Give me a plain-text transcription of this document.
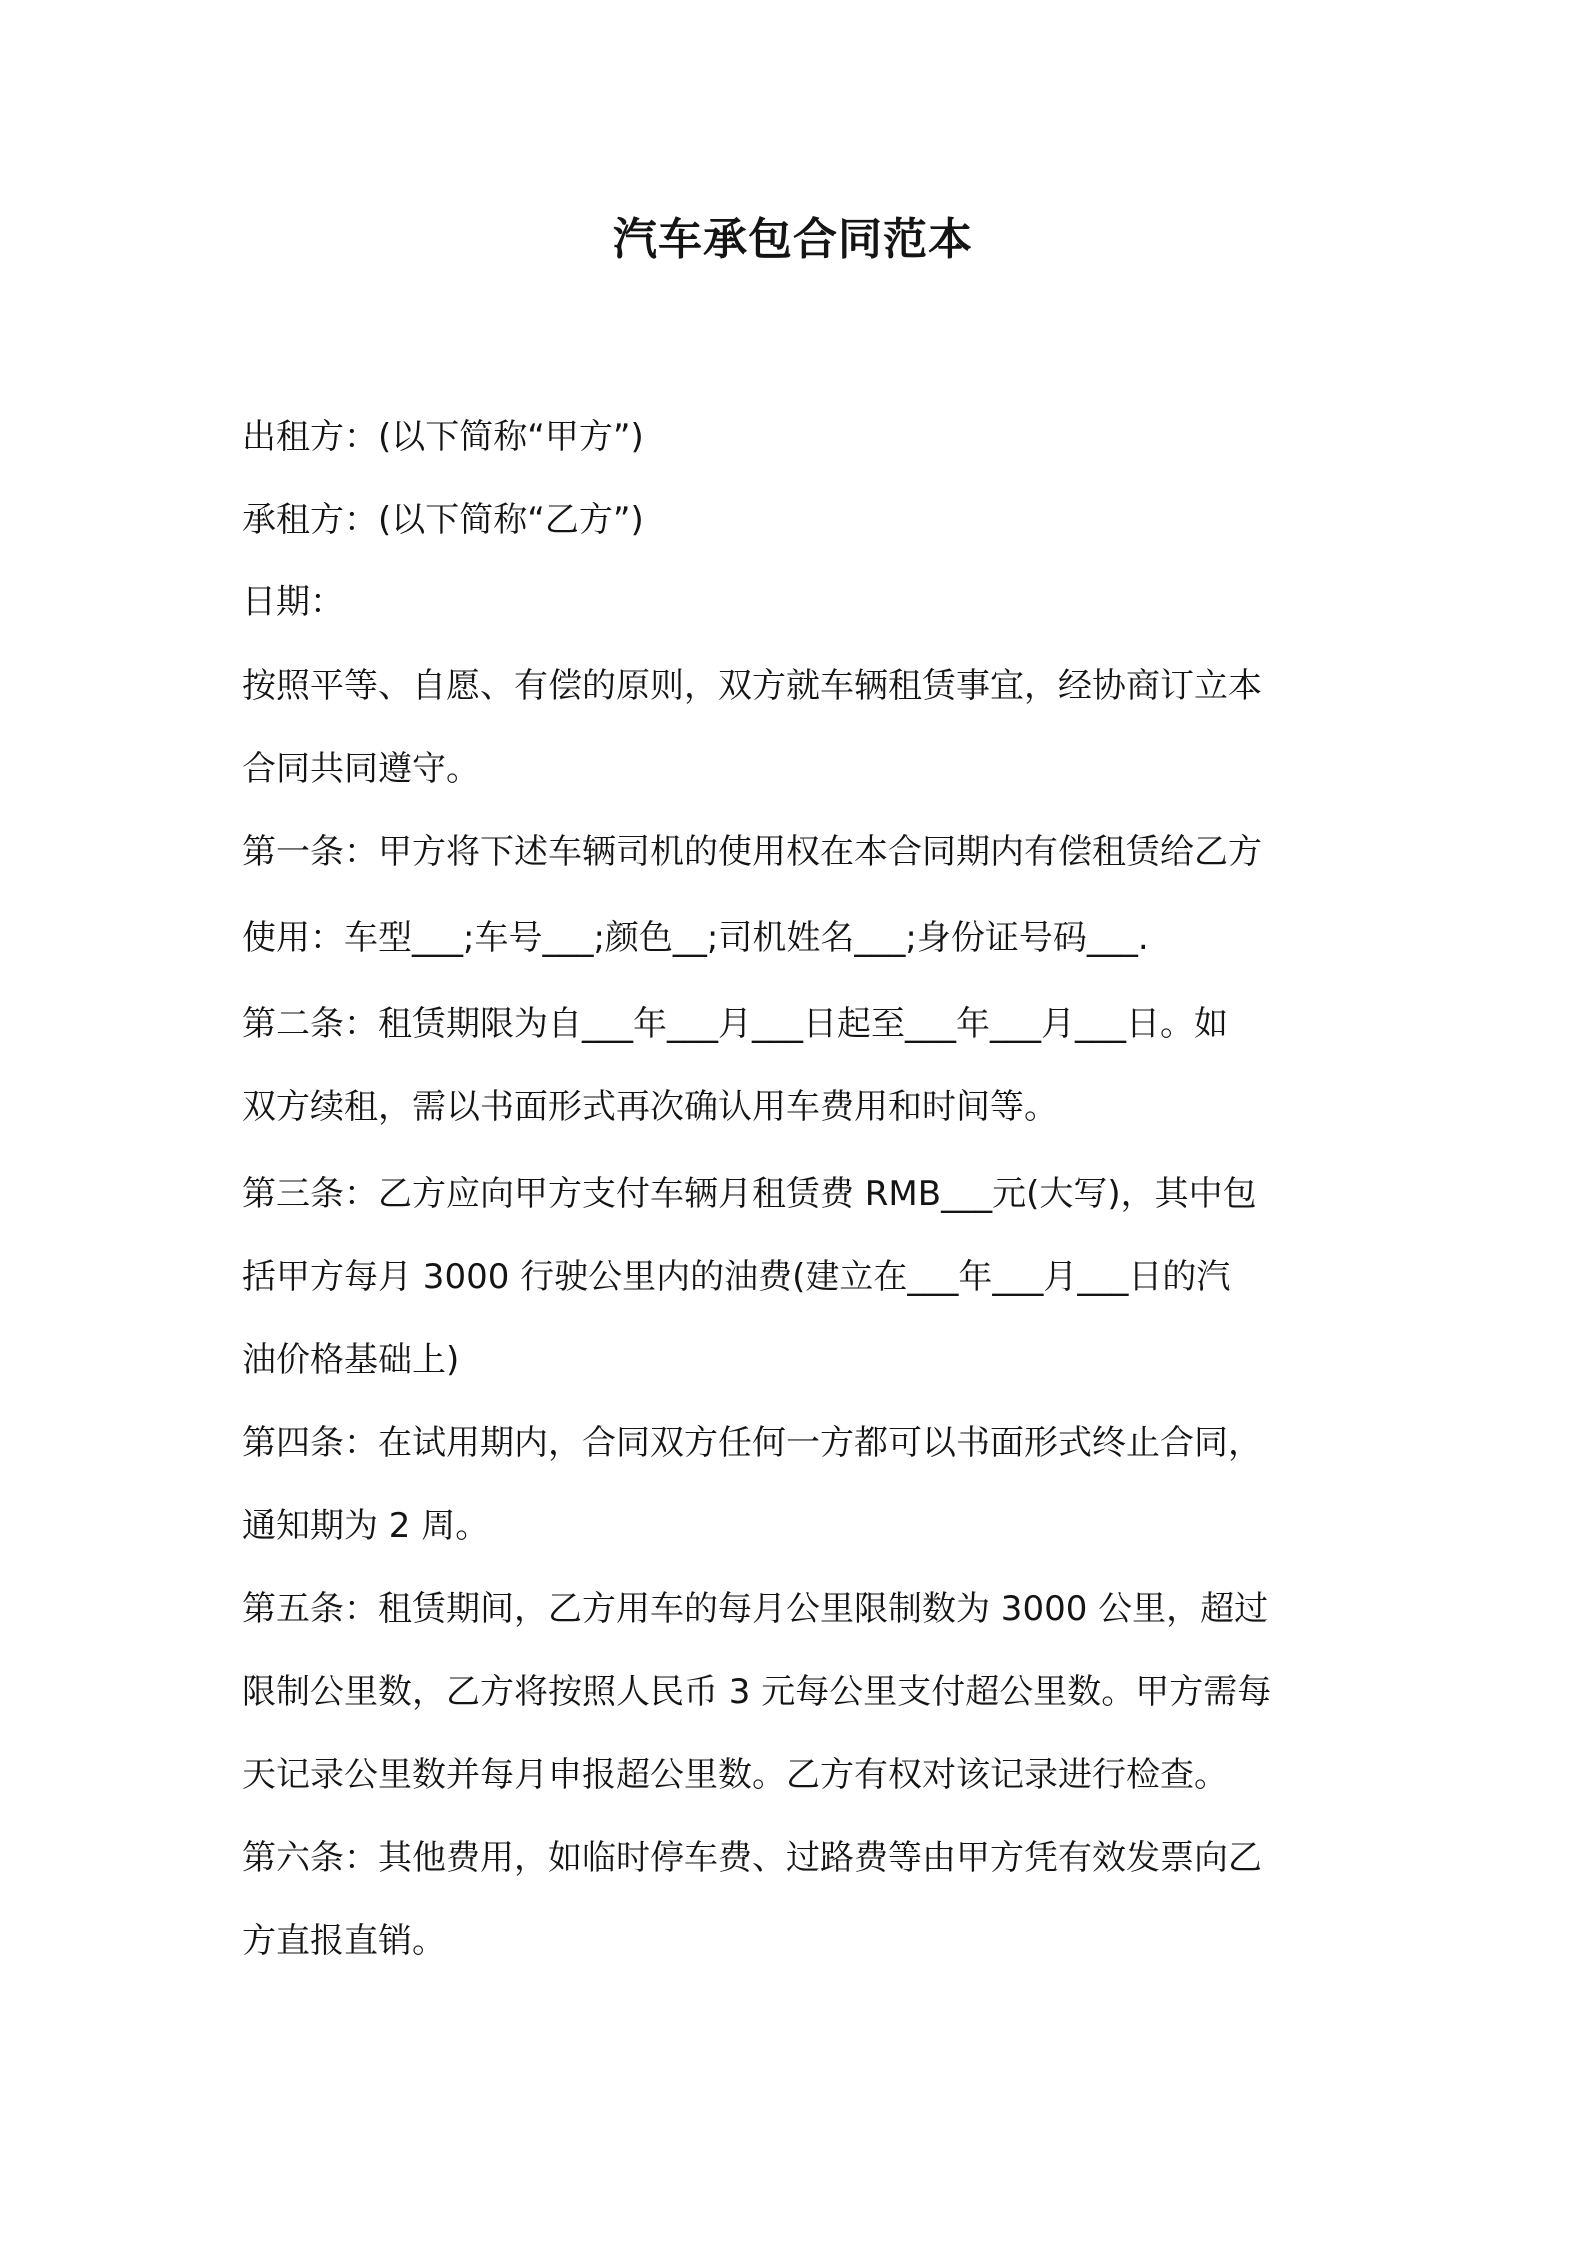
汽车承包合同范本
出租方：(以下简称“甲方”)
承租方：(以下简称“乙方”)
日期：
按照平等、自愿、有偿的原则，双方就车辆租赁事宜，经协商订立本
合同共同遵守。
第一条：甲方将下述车辆司机的使用权在本合同期内有偿租赁给乙方
使用：车型___;车号___;颜色__;司机姓名___;身份证号码___.
第二条：租赁期限为自___年___月___日起至___年___月___日。如
双方续租，需以书面形式再次确认用车费用和时间等。
第三条：乙方应向甲方支付车辆月租赁费 RMB___元(大写)，其中包
括甲方每月 3000 行驶公里内的油费(建立在___年___月___日的汽
油价格基础上)
第四条：在试用期内，合同双方任何一方都可以书面形式终止合同，
通知期为 2 周。
第五条：租赁期间，乙方用车的每月公里限制数为 3000 公里，超过
限制公里数，乙方将按照人民币 3 元每公里支付超公里数。甲方需每
天记录公里数并每月申报超公里数。乙方有权对该记录进行检查。
第六条：其他费用，如临时停车费、过路费等由甲方凭有效发票向乙
方直报直销。
